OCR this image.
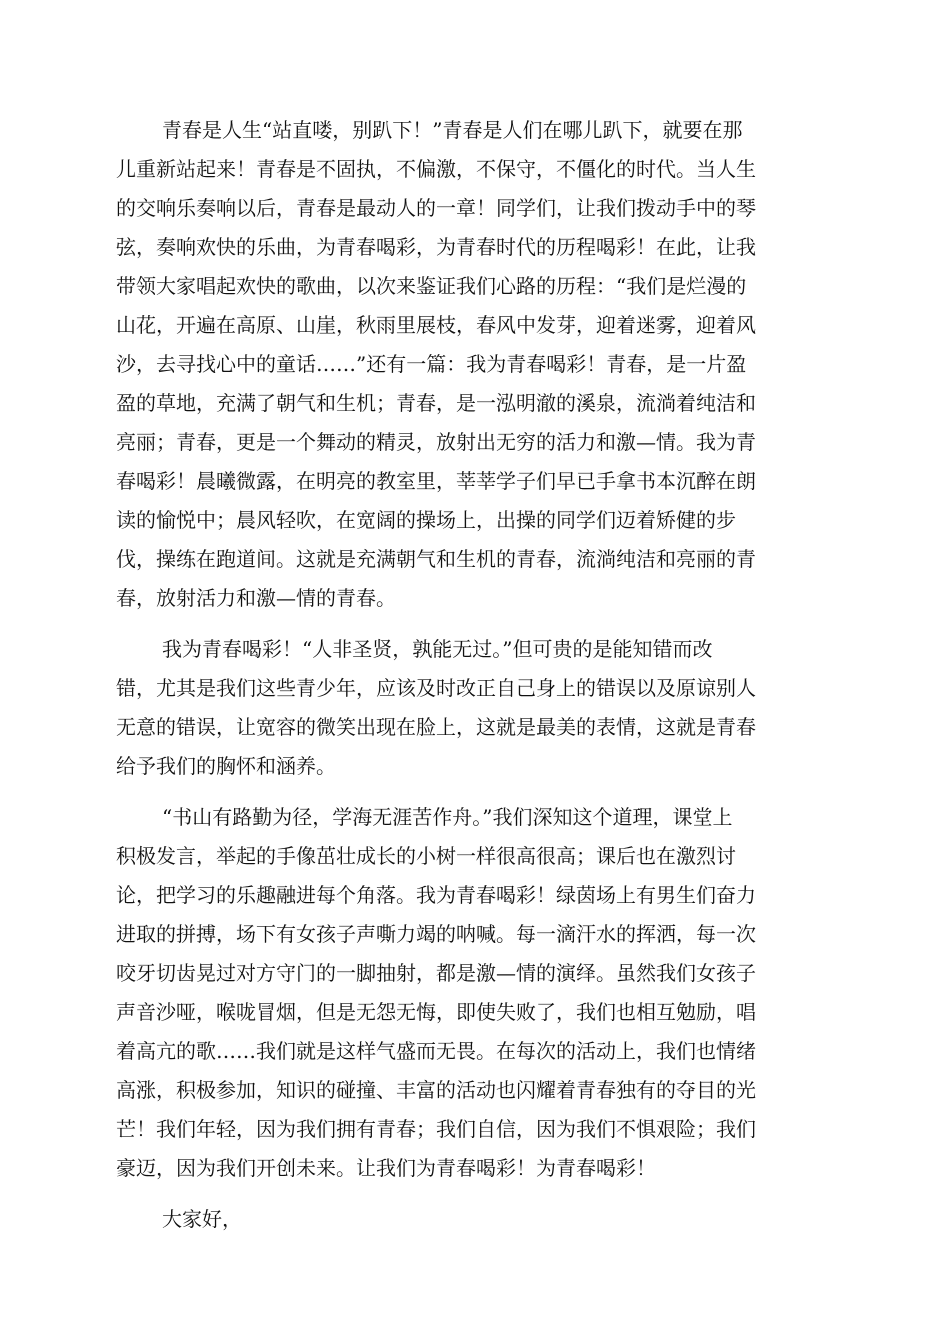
青春是人生“站直喽，别趴下！”青春是人们在哪儿趴下，就要在那

儿重新站起来！青春是不固执，不偏激，不保守，不僵化的时代。当人生

的交响乐奏响以后，青春是最动人的一章！同学们，让我们拨动手中的琴

弦，奏响欢快的乐曲，为青春喝彩，为青春时代的历程喝彩！在此，让我

带领大家唱起欢快的歌曲，以次来鉴证我们心路的历程：“我们是烂漫的

山花，开遍在高原、山崖，秋雨里展枝，春风中发芽，迎着迷雾，迎着风

沙，去寻找心中的童话……”还有一篇：我为青春喝彩！青春，是一片盈

盈的草地，充满了朝气和生机；青春，是一泓明澈的溪泉，流淌着纯洁和

亮丽；青春，更是一个舞动的精灵，放射出无穷的活力和激—情。我为青

春喝彩！晨曦微露，在明亮的教室里，莘莘学子们早已手拿书本沉醉在朗

读的愉悦中；晨风轻吹，在宽阔的操场上，出操的同学们迈着矫健的步

伐，操练在跑道间。这就是充满朝气和生机的青春，流淌纯洁和亮丽的青

春，放射活力和激—情的青春。

我为青春喝彩！“人非圣贤，孰能无过。”但可贵的是能知错而改

错，尤其是我们这些青少年，应该及时改正自己身上的错误以及原谅别人

无意的错误，让宽容的微笑出现在脸上，这就是最美的表情，这就是青春

给予我们的胸怀和涵养。

“书山有路勤为径，学海无涯苦作舟。”我们深知这个道理，课堂上

积极发言，举起的手像茁壮成长的小树一样很高很高；课后也在激烈讨

论，把学习的乐趣融进每个角落。我为青春喝彩！绿茵场上有男生们奋力

进取的拼搏，场下有女孩子声嘶力竭的呐喊。每一滴汗水的挥洒，每一次

咬牙切齿晃过对方守门的一脚抽射，都是激—情的演绎。虽然我们女孩子

声音沙哑，喉咙冒烟，但是无怨无悔，即使失败了，我们也相互勉励，唱

着高亢的歌……我们就是这样气盛而无畏。在每次的活动上，我们也情绪

高涨，积极参加，知识的碰撞、丰富的活动也闪耀着青春独有的夺目的光

芒！我们年轻，因为我们拥有青春；我们自信，因为我们不惧艰险；我们

豪迈，因为我们开创未来。让我们为青春喝彩！为青春喝彩！

大家好，
